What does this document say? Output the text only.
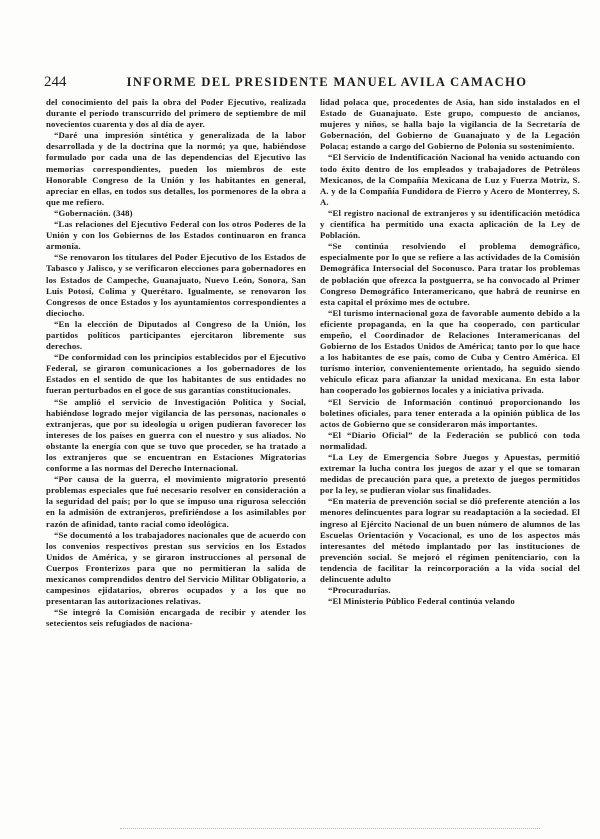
244	INFORME DEL PRESIDENTE MANUEL AVILA CAMACHO

del conocimiento del país la obra del Poder Ejecutivo, realizada durante el período transcurrido del primero de septiembre de mil novecientos cuarenta y dos al día de ayer.

“Daré una impresión sintética y generalizada de la labor desarrollada y de la doctrina que la normó; ya que, habiéndose formulado por cada una de las dependencias del Ejecutivo las memorias correspondientes, pueden los miembros de este Honorable Congreso de la Unión y los habitantes en general, apreciar en ellas, en todos sus detalles, los pormenores de la obra a que me refiero.

“Gobernación. (348)

“Las relaciones del Ejecutivo Federal con los otros Poderes de la Unión y con los Gobiernos de los Estados continuaron en franca armonía.

“Se renovaron los titulares del Poder Ejecutivo de los Estados de Tabasco y Jalisco, y se verificaron elecciones para gobernadores en los Estados de Campeche, Guanajuato, Nuevo León, Sonora, San Luis Potosí, Colima y Querétaro. Igualmente, se renovaron los Congresos de once Estados y los ayuntamientos correspondientes a dieciocho.

“En la elección de Diputados al Congreso de la Unión, los partidos políticos participantes ejercitaron libremente sus derechos.

“De conformidad con los principios establecidos por el Ejecutivo Federal, se giraron comunicaciones a los gobernadores de los Estados en el sentido de que los habitantes de sus entidades no fueran perturbados en el goce de sus garantías constitucionales.

“Se amplió el servicio de Investigación Política y Social, habiéndose logrado mejor vigilancia de las personas, nacionales o extranjeras, que por su ideología u origen pudieran favorecer los intereses de los países en guerra con el nuestro y sus aliados. No obstante la energía con que se tuvo que proceder, se ha tratado a los extranjeros que se encuentran en Estaciones Migratorias conforme a las normas del Derecho Internacional.

“Por causa de la guerra, el movimiento migratorio presentó problemas especiales que fué necesario resolver en consideración a la seguridad del país; por lo que se impuso una rigurosa selección en la admisión de extranjeros, prefiriéndose a los asimilables por razón de afinidad, tanto racial como ideológica.

“Se documentó a los trabajadores nacionales que de acuerdo con los convenios respectivos prestan sus servicios en los Estados Unidos de América, y se giraron instrucciones al personal de Cuerpos Fronterizos para que no permitieran la salida de mexicanos comprendidos dentro del Servicio Militar Obligatorio, a campesinos ejidatarios, obreros ocupados y a los que no presentaran las autorizaciones relativas.

“Se integró la Comisión encargada de recibir y atender los setecientos seis refugiados de naciona-

lidad polaca que, procedentes de Asia, han sido instalados en el Estado de Guanajuato. Este grupo, compuesto de ancianos, mujeres y niños, se halla bajo la vigilancia de la Secretaría de Gobernación, del Gobierno de Guanajuato y de la Legación Polaca; estando a cargo del Gobierno de Polonia su sostenimiento.

“El Servicio de Indentificación Nacional ha venido actuando con todo éxito dentro de los empleados y trabajadores de Petróleos Mexicanos, de la Compañía Mexicana de Luz y Fuerza Motriz, S. A. y de la Compañía Fundidora de Fierro y Acero de Monterrey, S. A.

“El registro nacional de extranjeros y su identificación metódica y científica ha permitido una exacta aplicación de la Ley de Población.

“Se continúa resolviendo el problema demográfico, especialmente por lo que se refiere a las actividades de la Comisión Demográfica Intersocial del Soconusco. Para tratar los problemas de población que ofrezca la postguerra, se ha convocado al Primer Congreso Demográfico Interamericano, que habrá de reunirse en esta capital el próximo mes de octubre.

“El turismo internacional goza de favorable aumento debido a la eficiente propaganda, en la que ha cooperado, con particular empeño, el Coordinador de Relaciones Interamericanas del Gobierno de los Estados Unidos de América; tanto por lo que hace a los habitantes de ese país, como de Cuba y Centro América. El turismo interior, convenientemente orientado, ha seguido siendo vehículo eficaz para afianzar la unidad mexicana. En esta labor han cooperado los gobiernos locales y a iniciativa privada.

“El Servicio de Información continuó proporcionando los boletines oficiales, para tener enterada a la opinión pública de los actos de Gobierno que se consideraron más importantes.

“El “Diario Oficial” de la Federación se publicó con toda normalidad.

“La Ley de Emergencia Sobre Juegos y Apuestas, permitió extremar la lucha contra los juegos de azar y el que se tomaran medidas de precaución para que, a pretexto de juegos permitidos por la ley, se pudieran violar sus finalidades.

“En materia de prevención social se dió preferente atención a los menores delincuentes para lograr su readaptación a la sociedad. El ingreso al Ejército Nacional de un buen número de alumnos de las Escuelas Orientación y Vocacional, es uno de los aspectos más interesantes del método implantado por las instituciones de prevención social. Se mejoró el régimen penitenciario, con la tendencia de facilitar la reincorporación a la vida social del delincuente adulto

“Procuradurías.

“El Ministerio Público Federal continúa velando
